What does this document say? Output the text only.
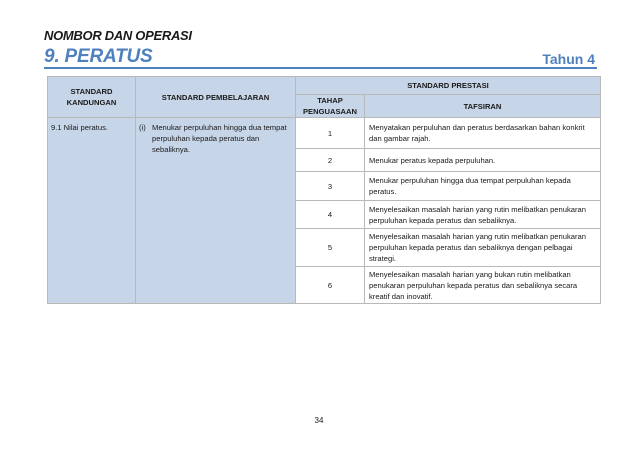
NOMBOR DAN OPERASI
9. PERATUS	Tahun 4
STANDARD KANDUNGAN	STANDARD PEMBELAJARAN	STANDARD PRESTASI	
		TAHAP PENGUASAAN	TAFSIRAN

9.1 Nilai peratus.	(i) Menukar perpuluhan hingga dua tempat perpuluhan kepada peratus dan sebaliknya.	1	Menyatakan perpuluhan dan peratus berdasarkan bahan konkrit dan gambar rajah.
		2	Menukar peratus kepada perpuluhan.
		3	Menukar perpuluhan hingga dua tempat perpuluhan kepada peratus.
		4	Menyelesaikan masalah harian yang rutin melibatkan penukaran perpuluhan kepada peratus dan sebaliknya.
		5	Menyelesaikan masalah harian yang rutin melibatkan penukaran perpuluhan kepada peratus dan sebaliknya dengan pelbagai strategi.
		6	Menyelesaikan masalah harian yang bukan rutin melibatkan penukaran perpuluhan kepada peratus dan sebaliknya secara kreatif dan inovatif.
34
